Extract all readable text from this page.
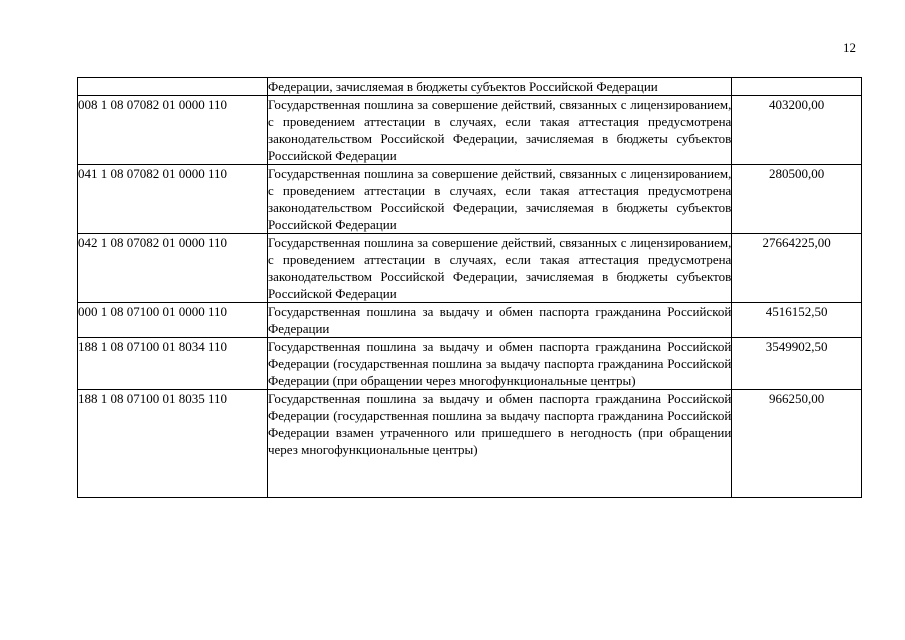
12
	Федерации, зачисляемая в бюджеты субъектов Российской Федерации	
008 1 08 07082 01 0000 110	Государственная пошлина за совершение действий, связанных с лицензированием, с проведением аттестации в случаях, если такая аттестация предусмотрена законодательством Российской Федерации, зачисляемая в бюджеты субъектов Российской Федерации	403200,00
041 1 08 07082 01 0000 110	Государственная пошлина за совершение действий, связанных с лицензированием, с проведением аттестации в случаях, если такая аттестация предусмотрена законодательством Российской Федерации, зачисляемая в бюджеты субъектов Российской Федерации	280500,00
042 1 08 07082 01 0000 110	Государственная пошлина за совершение действий, связанных с лицензированием, с проведением аттестации в случаях, если такая аттестация предусмотрена законодательством Российской Федерации, зачисляемая в бюджеты субъектов Российской Федерации	27664225,00
000 1 08 07100 01 0000 110	Государственная пошлина за выдачу и обмен паспорта гражданина Российской Федерации	4516152,50
188 1 08 07100 01 8034 110	Государственная пошлина за выдачу и обмен паспорта гражданина Российской Федерации (государственная пошлина за выдачу паспорта гражданина Российской Федерации (при обращении через многофункциональные центры)	3549902,50
188 1 08 07100 01 8035 110	Государственная пошлина за выдачу и обмен паспорта гражданина Российской Федерации (государственная пошлина за выдачу паспорта гражданина Российской Федерации взамен утраченного или пришедшего в негодность (при обращении через многофункциональные центры)	966250,00
